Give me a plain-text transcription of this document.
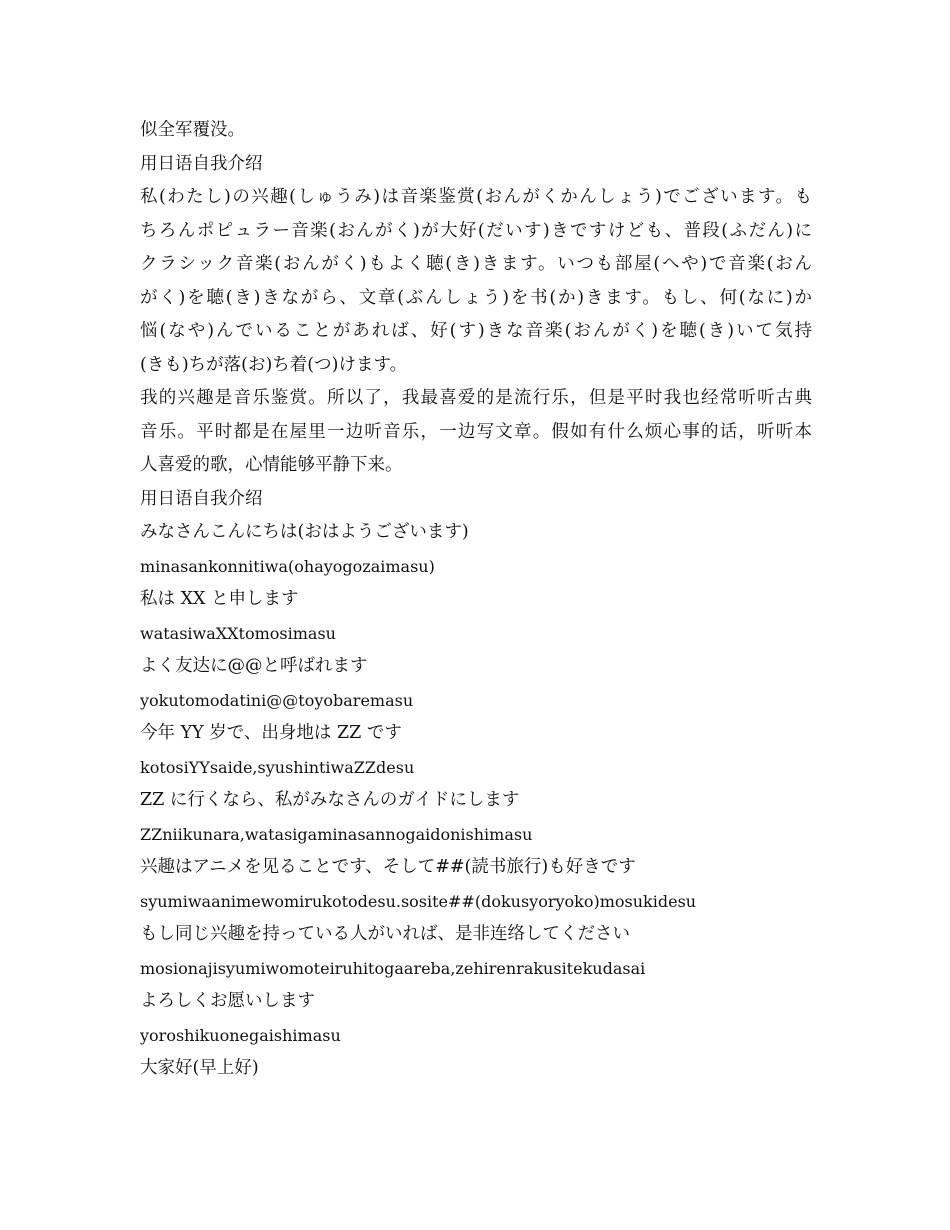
似全军覆没。
用日语自我介绍
私(わたし)の兴趣(しゅうみ)は音楽鉴赏(おんがくかんしょう)でございます。も
ちろんポピュラー音楽(おんがく)が大好(だいす)きですけども、普段(ふだん)に
クラシック音楽(おんがく)もよく聴(き)きます。いつも部屋(へや)で音楽(おん
がく)を聴(き)きながら、文章(ぶんしょう)を书(か)きます。もし、何(なに)か
悩(なや)んでいることがあれば、好(す)きな音楽(おんがく)を聴(き)いて気持
(きも)ちが落(お)ち着(つ)けます。
我的兴趣是音乐鉴赏。所以了，我最喜爱的是流行乐，但是平时我也经常听听古典
音乐。平时都是在屋里一边听音乐，一边写文章。假如有什么烦心事的话，听听本
人喜爱的歌，心情能够平静下来。
用日语自我介绍
みなさんこんにちは(おはようございます)
minasankonnitiwa(ohayogozaimasu)
私は XX と申します
watasiwaXXtomosimasu
よく友达に@@と呼ばれます
yokutomodatini@@toyobaremasu
今年 YY 岁で、出身地は ZZ です
kotosiYYsaide,syushintiwaZZdesu
ZZ に行くなら、私がみなさんのガイドにします
ZZniikunara,watasigaminasannogaidonishimasu
兴趣はアニメを见ることです、そして##(読书旅行)も好きです
syumiwaanimewomirukotodesu.sosite##(dokusyoryoko)mosukidesu
もし同じ兴趣を持っている人がいれば、是非连络してください
mosionajisyumiwomoteiruhitogaareba,zehirenrakusitekudasai
よろしくお愿いします
yoroshikuonegaishimasu
大家好(早上好)
